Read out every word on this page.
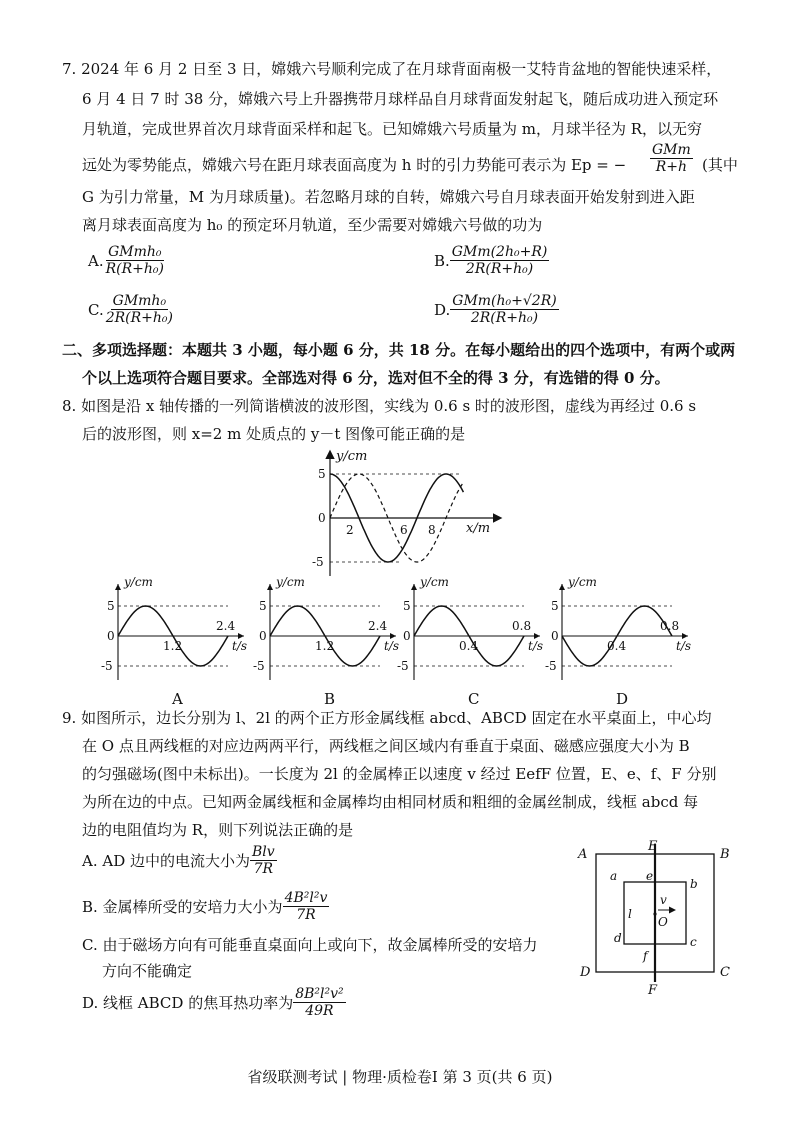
7. 2024 年 6 月 2 日至 3 日，嫦娥六号顺利完成了在月球背面南极一艾特肯盆地的智能快速采样，
6 月 4 日 7 时 38 分，嫦娥六号上升器携带月球样品自月球背面发射起飞，随后成功进入预定环
月轨道，完成世界首次月球背面采样和起飞。已知嫦娥六号质量为 m，月球半径为 R，以无穷
远处为零势能点，嫦娥六号在距月球表面高度为 h 时的引力势能可表示为 Ep = −
GMm
R+h (其中
G 为引力常量，M 为月球质量)。若忽略月球的自转，嫦娥六号自月球表面开始发射到进入距
离月球表面高度为 h₀ 的预定环月轨道，至少需要对嫦娥六号做的功为
A. $\frac{\text{GMmh₀}}{\text{R(R+h₀)}}$	B. $\frac{\text{GMm(2h₀+R)}}{\text{2R(R+h₀)}}$
C. $\frac{\text{GMmh₀}}{\text{2R(R+h₀)}}$	D. $\frac{\text{GMm(h₀+√2R)}}{\text{2R(R+h₀)}}$
二、多项选择题：本题共 3 小题，每小题 6 分，共 18 分。在每小题给出的四个选项中，有两个或两
个以上选项符合题目要求。全部选对得 6 分，选对但不全的得 3 分，有选错的得 0 分。
8. 如图是沿 x 轴传播的一列简谐横波的波形图，实线为 0.6 s 时的波形图，虚线为再经过 0.6 s
后的波形图，则 x=2 m 处质点的 y－t 图像可能正确的是
y/cm
x/m
5
0
-5
2	6 8
y/cm
t/s
5
0
-5
1.2
2.4
A
y/cm
t/s
5
0
-5
1.2
2.4
B
y/cm
t/s
5
0
-5
0.4
0.8
C
y/cm
t/s
5
0
-5
0.4
0.8
D
9. 如图所示，边长分别为 l、2l 的两个正方形金属线框 abcd、ABCD 固定在水平桌面上，中心均
在 O 点且两线框的对应边两两平行，两线框之间区域内有垂直于桌面、磁感应强度大小为 B
的匀强磁场(图中未标出)。一长度为 2l 的金属棒正以速度 v 经过 EefF 位置，E、e、f、F 分别
为所在边的中点。已知两金属线框和金属棒均由相同材质和粗细的金属丝制成，线框 abcd 每
边的电阻值均为 R，则下列说法正确的是
A. AD 边中的电流大小为 $\frac{\text{Blv}}{7R}$
B. 金属棒所受的安培力大小为 $\frac{\text{4B²l²v}}{7R}$
C. 由于磁场方向有可能垂直桌面向上或向下，故金属棒所受的安培力
方向不能确定
D. 线框 ABCD 的焦耳热功率为 $\frac{\text{8B²l²v²}}{49R}$
A	B
C
D
E
F
a
b
c
d
e
f
l
v
O
省级联测考试 | 物理·质检卷Ⅰ 第 3 页(共 6 页)
